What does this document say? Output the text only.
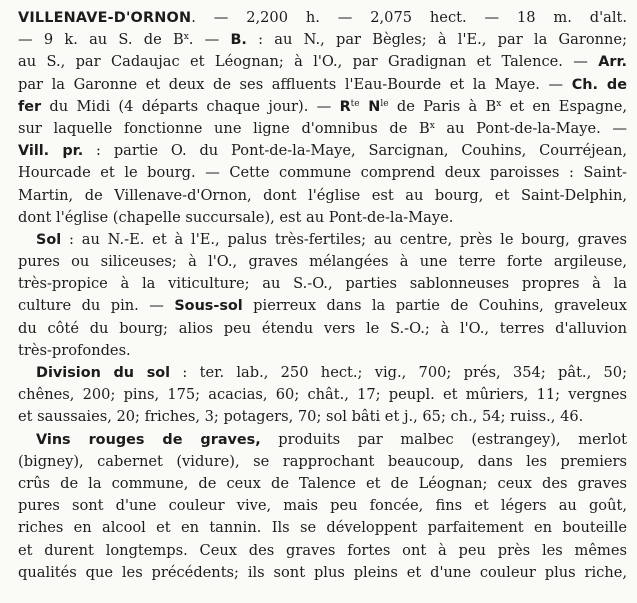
VILLENAVE-D'ORNON. — 2,200 h. — 2,075 hect. — 18 m. d'alt.
— 9 k. au S. de $B^x$. — B. : au N., par Bègles; à l'E., par la Garonne;
au S., par Cadaujac et Léognan; à l'O., par Gradignan et Talence. — Arr.
par la Garonne et deux de ses affluents l'Eau-Bourde et la Maye. — Ch. de
fer du Midi (4 départs chaque jour). — $R^{te}$ $N^{le}$ de Paris à $B^x$ et en Espagne,
sur laquelle fonctionne une ligne d'omnibus de $B^x$ au Pont-de-la-Maye. —
Vill. pr. : partie O. du Pont-de-la-Maye, Sarcignan, Couhins, Courréjean,
Hourcade et le bourg. — Cette commune comprend deux paroisses : Saint-
Martin, de Villenave-d'Ornon, dont l'église est au bourg, et Saint-Delphin,
dont l'église (chapelle succursale), est au Pont-de-la-Maye.
Sol : au N.-E. et à l'E., palus très-fertiles; au centre, près le bourg, graves
pures ou siliceuses; à l'O., graves mélangées à une terre forte argileuse,
très-propice à la viticulture; au S.-O., parties sablonneuses propres à la
culture du pin. — Sous-sol pierreux dans la partie de Couhins, graveleux
du côté du bourg; alios peu étendu vers le S.-O.; à l'O., terres d'alluvion
très-profondes.
Division du sol : ter. lab., 250 hect.; vig., 700; prés, 354; pât., 50;
chênes, 200; pins, 175; acacias, 60; chât., 17; peupl. et mûriers, 11; vergnes
et saussaies, 20; friches, 3; potagers, 70; sol bâti et j., 65; ch., 54; ruiss., 46.
Vins rouges de graves, produits par malbec (estrangey), merlot
(bigney), cabernet (vidure), se rapprochant beaucoup, dans les premiers
crûs de la commune, de ceux de Talence et de Léognan; ceux des graves
pures sont d'une couleur vive, mais peu foncée, fins et légers au goût,
riches en alcool et en tannin. Ils se développent parfaitement en bouteille
et durent longtemps. Ceux des graves fortes ont à peu près les mêmes
qualités que les précédents; ils sont plus pleins et d'une couleur plus riche,
